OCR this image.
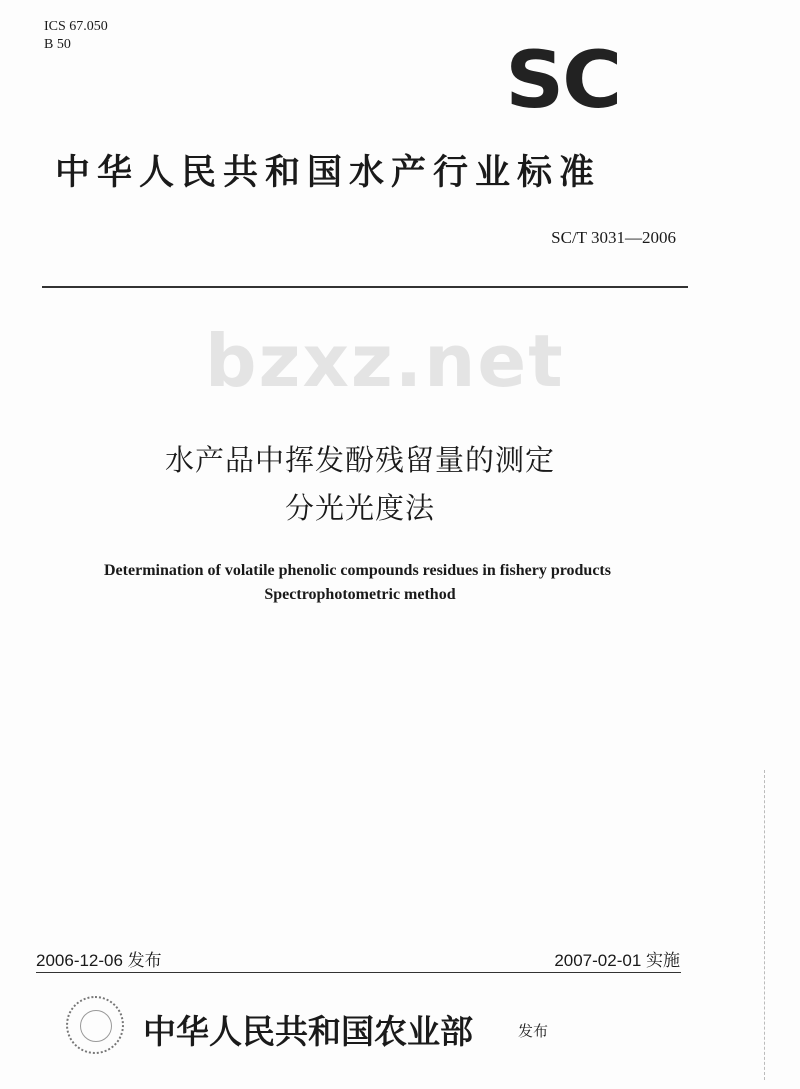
ICS 67.050
B 50	SC
bzxz.net
中华人民共和国水产行业标准
SC/T 3031—2006
水产品中挥发酚残留量的测定
分光光度法
Determination of volatile phenolic compounds residues in fishery products
Spectrophotometric method
2006-12-06 发布	2007-02-01 实施
中华人民共和国农业部	发布
